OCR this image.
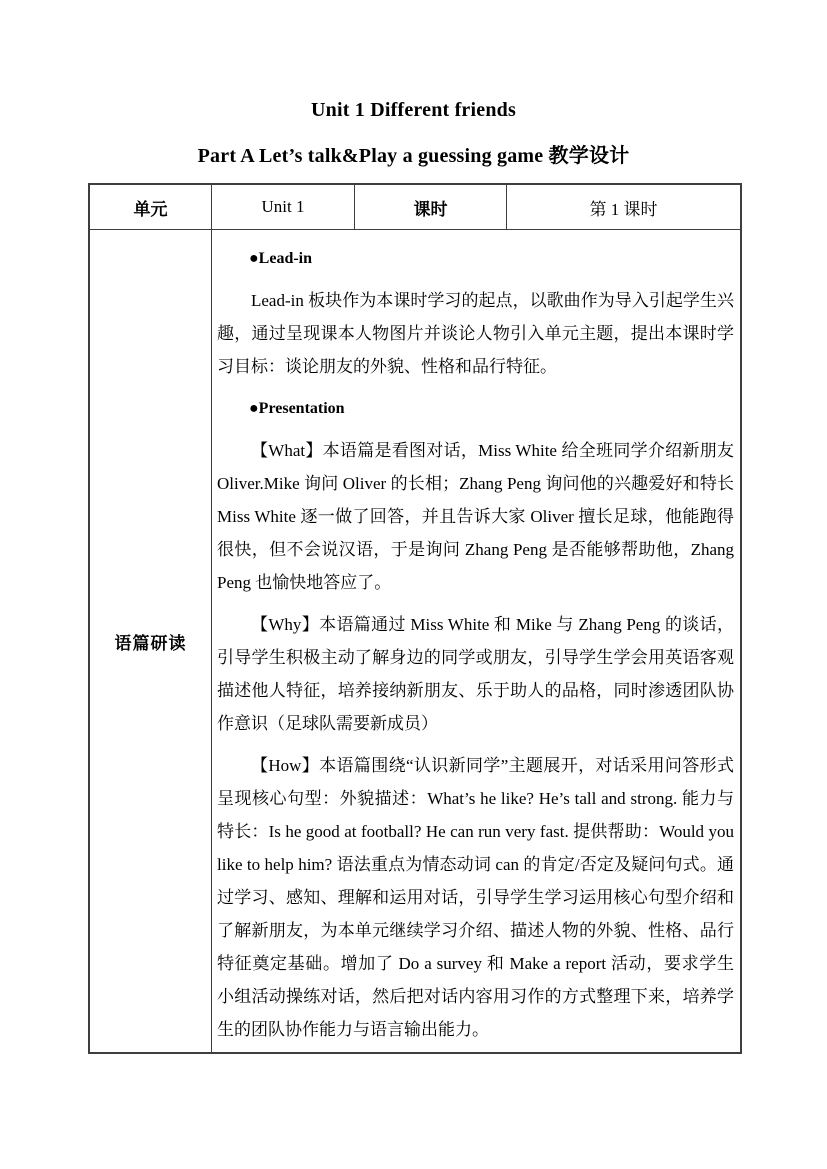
Unit 1 Different friends
Part A Let’s talk&Play a guessing game 教学设计
单元	Unit 1	课时	第 1 课时
语篇研读

●Lead-in

Lead-in 板块作为本课时学习的起点，以歌曲作为导入引起学生兴趣，通过呈现课本人物图片并谈论人物引入单元主题，提出本课时学习目标：谈论朋友的外貌、性格和品行特征。

●Presentation

【What】本语篇是看图对话，Miss White 给全班同学介绍新朋友 Oliver.Mike 询问 Oliver 的长相；Zhang Peng 询问他的兴趣爱好和特长 Miss White 逐一做了回答，并且告诉大家 Oliver 擅长足球，他能跑得很快，但不会说汉语，于是询问 Zhang Peng 是否能够帮助他，Zhang Peng 也愉快地答应了。

【Why】本语篇通过 Miss White 和 Mike 与 Zhang Peng 的谈话，引导学生积极主动了解身边的同学或朋友，引导学生学会用英语客观描述他人特征，培养接纳新朋友、乐于助人的品格，同时渗透团队协作意识（足球队需要新成员）

【How】本语篇围绕“认识新同学”主题展开，对话采用问答形式呈现核心句型：外貌描述：What’s he like? He’s tall and strong. 能力与特长：Is he good at football? He can run very fast. 提供帮助：Would you like to help him? 语法重点为情态动词 can 的肯定/否定及疑问句式。通过学习、感知、理解和运用对话，引导学生学习运用核心句型介绍和了解新朋友，为本单元继续学习介绍、描述人物的外貌、性格、品行特征奠定基础。增加了 Do a survey 和 Make a report 活动，要求学生小组活动操练对话，然后把对话内容用习作的方式整理下来，培养学生的团队协作能力与语言输出能力。
